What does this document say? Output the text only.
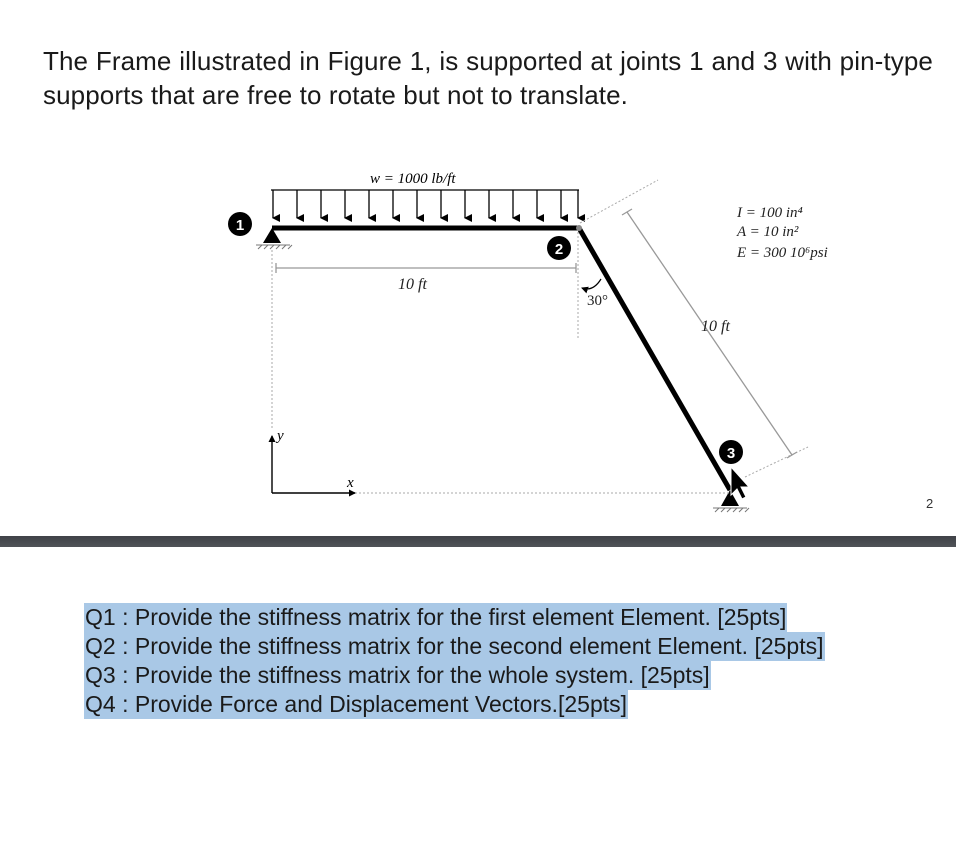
The Frame illustrated in Figure 1, is supported at joints 1 and 3 with pin-type supports that are free to rotate but not to translate.

w = 1000 lb/ft
1
2
3
10 ft
30°
10 ft
I = 100 in⁴
A = 10 in²
E = 300 10⁶psi
y
x
2
Q1 : Provide the stiffness matrix for the first element Element. [25pts]
Q2 : Provide the stiffness matrix for the second element Element. [25pts]
Q3 : Provide the stiffness matrix for the whole system. [25pts]
Q4 : Provide Force and Displacement Vectors.[25pts]
